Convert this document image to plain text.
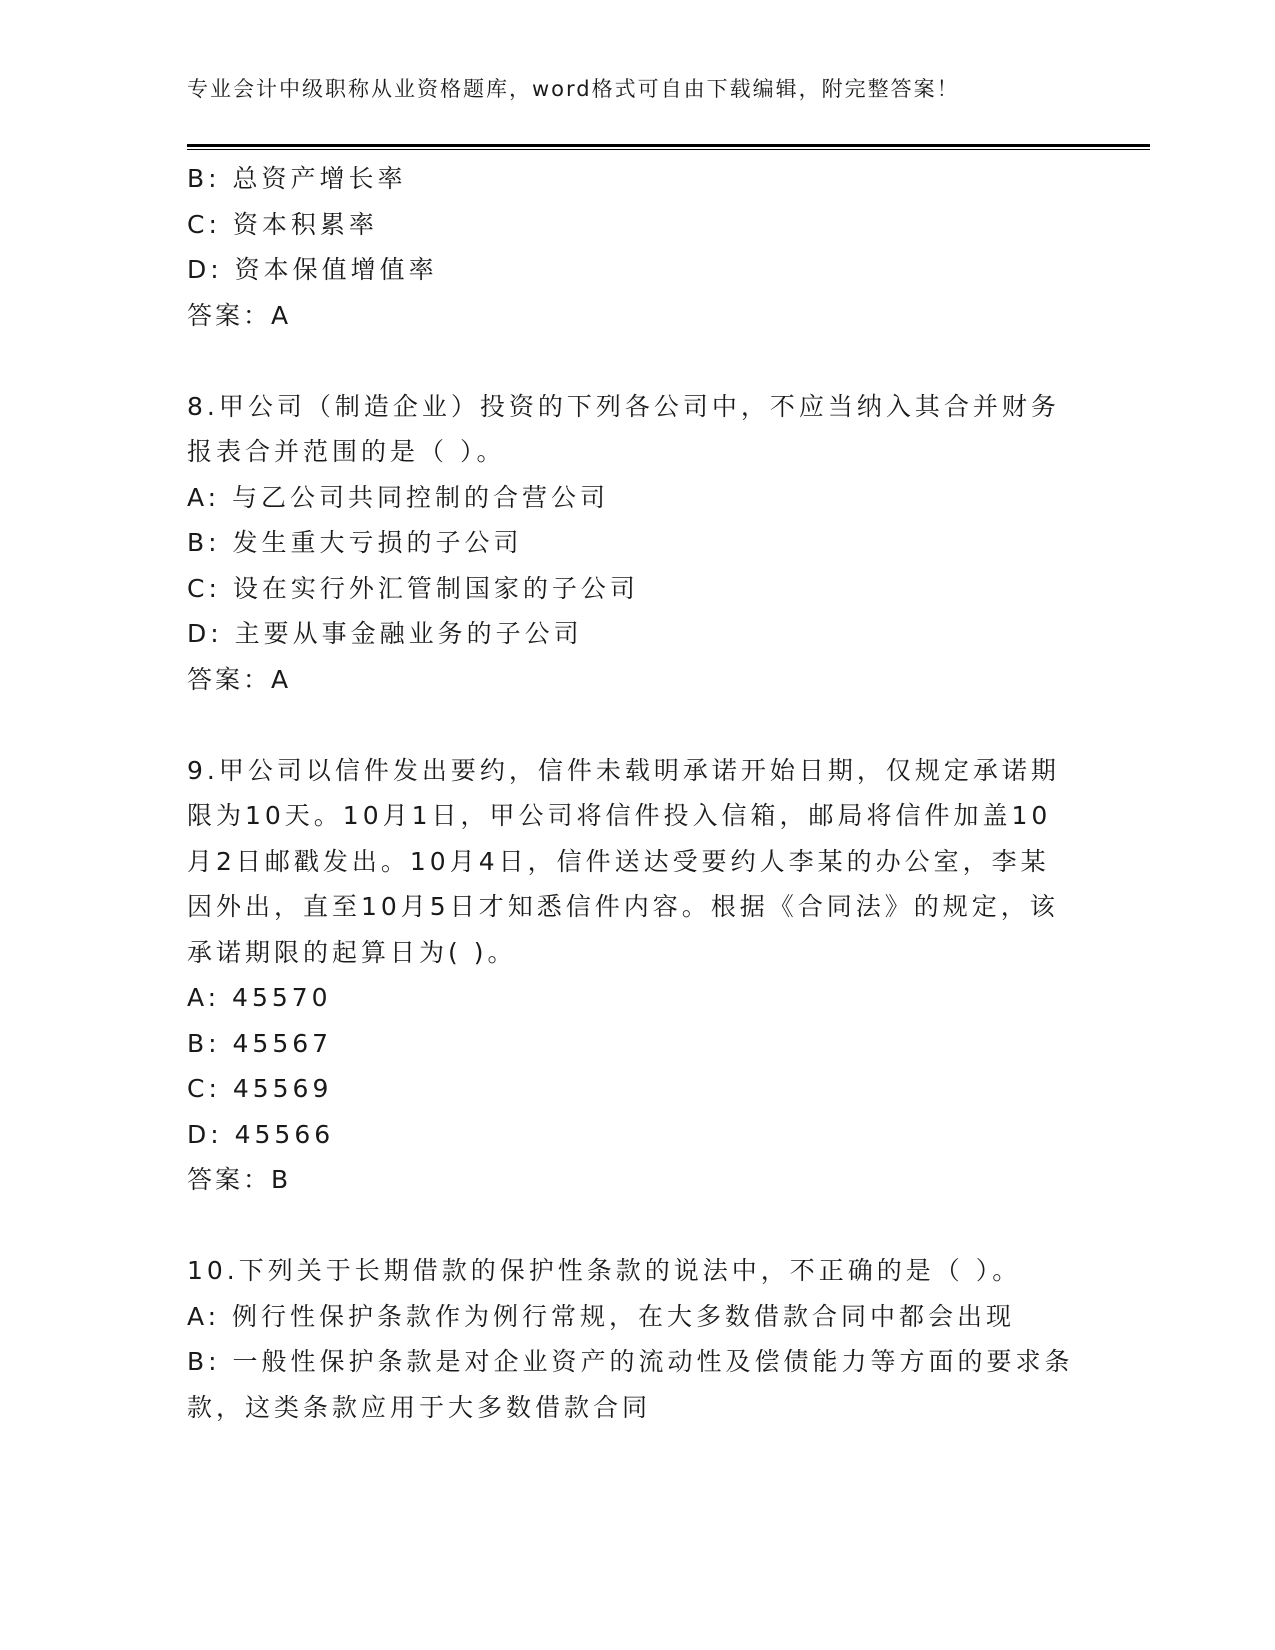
专业会计中级职称从业资格题库，word格式可自由下载编辑，附完整答案！
B: 总资产增长率
C: 资本积累率
D: 资本保值增值率
答案：A
8.甲公司（制造企业）投资的下列各公司中，不应当纳入其合并财务
报表合并范围的是（ ）。
A: 与乙公司共同控制的合营公司
B: 发生重大亏损的子公司
C: 设在实行外汇管制国家的子公司
D: 主要从事金融业务的子公司
答案：A
9.甲公司以信件发出要约，信件未载明承诺开始日期，仅规定承诺期
限为10天。10月1日，甲公司将信件投入信箱，邮局将信件加盖10
月2日邮戳发出。10月4日，信件送达受要约人李某的办公室，李某
因外出，直至10月5日才知悉信件内容。根据《合同法》的规定，该
承诺期限的起算日为( )。
A: 45570
B: 45567
C: 45569
D: 45566
答案：B
10.下列关于长期借款的保护性条款的说法中，不正确的是（ ）。
A: 例行性保护条款作为例行常规，在大多数借款合同中都会出现
B: 一般性保护条款是对企业资产的流动性及偿债能力等方面的要求条
款，这类条款应用于大多数借款合同
